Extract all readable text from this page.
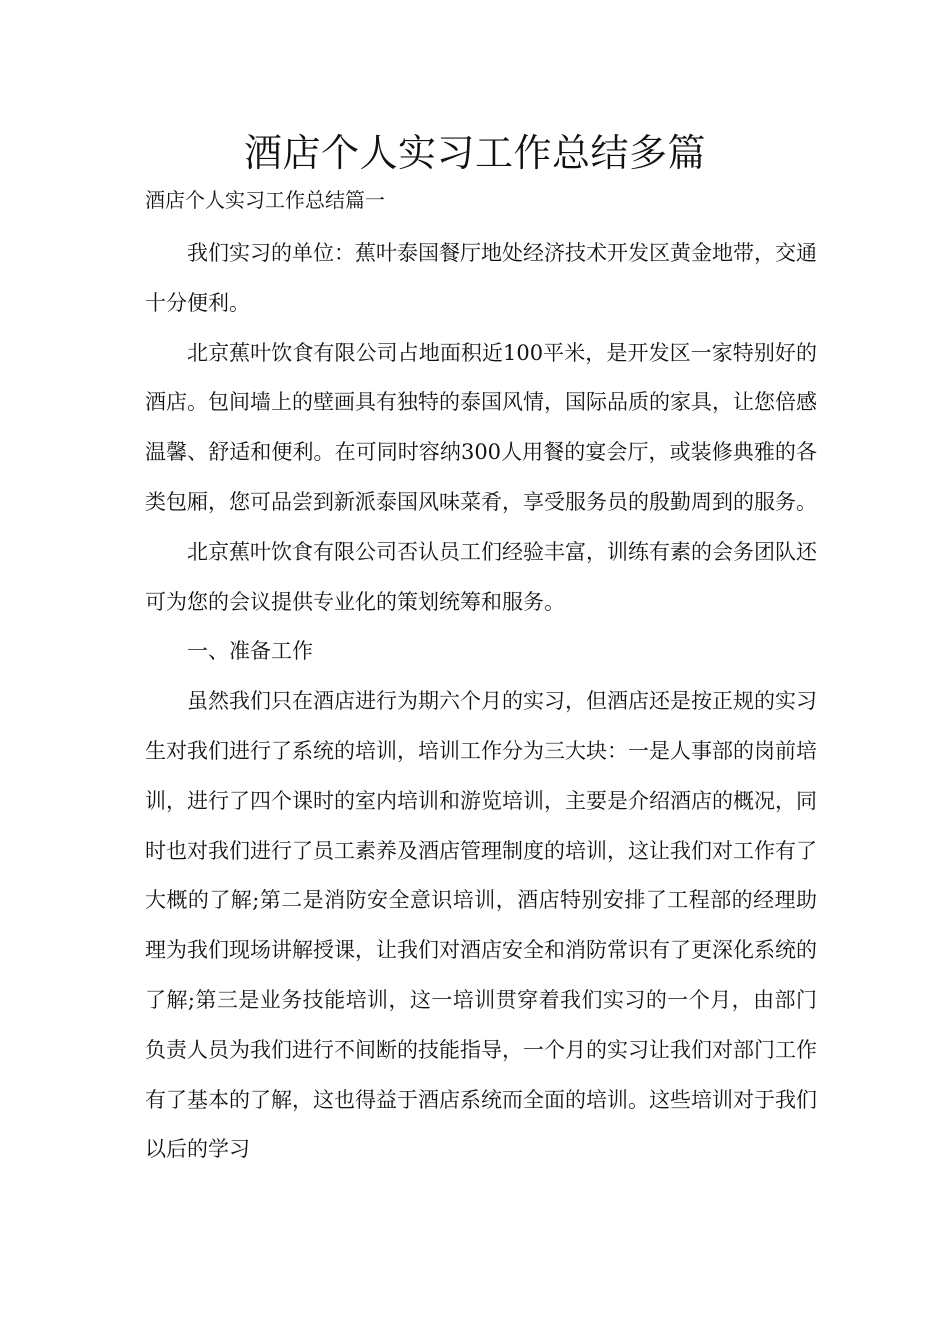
酒店个人实习工作总结多篇

酒店个人实习工作总结篇一

我们实习的单位：蕉叶泰国餐厅地处经济技术开发区黄金地带，交通十分便利。

北京蕉叶饮食有限公司占地面积近100平米，是开发区一家特别好的酒店。包间墙上的壁画具有独特的泰国风情，国际品质的家具，让您倍感温馨、舒适和便利。在可同时容纳300人用餐的宴会厅，或装修典雅的各类包厢，您可品尝到新派泰国风味菜肴，享受服务员的殷勤周到的服务。

北京蕉叶饮食有限公司否认员工们经验丰富，训练有素的会务团队还可为您的会议提供专业化的策划统筹和服务。

一、准备工作

虽然我们只在酒店进行为期六个月的实习，但酒店还是按正规的实习生对我们进行了系统的培训，培训工作分为三大块：一是人事部的岗前培训，进行了四个课时的室内培训和游览培训，主要是介绍酒店的概况，同时也对我们进行了员工素养及酒店管理制度的培训，这让我们对工作有了大概的了解;第二是消防安全意识培训，酒店特别安排了工程部的经理助理为我们现场讲解授课，让我们对酒店安全和消防常识有了更深化系统的了解;第三是业务技能培训，这一培训贯穿着我们实习的一个月，由部门负责人员为我们进行不间断的技能指导，一个月的实习让我们对部门工作有了基本的了解，这也得益于酒店系统而全面的培训。这些培训对于我们以后的学习
